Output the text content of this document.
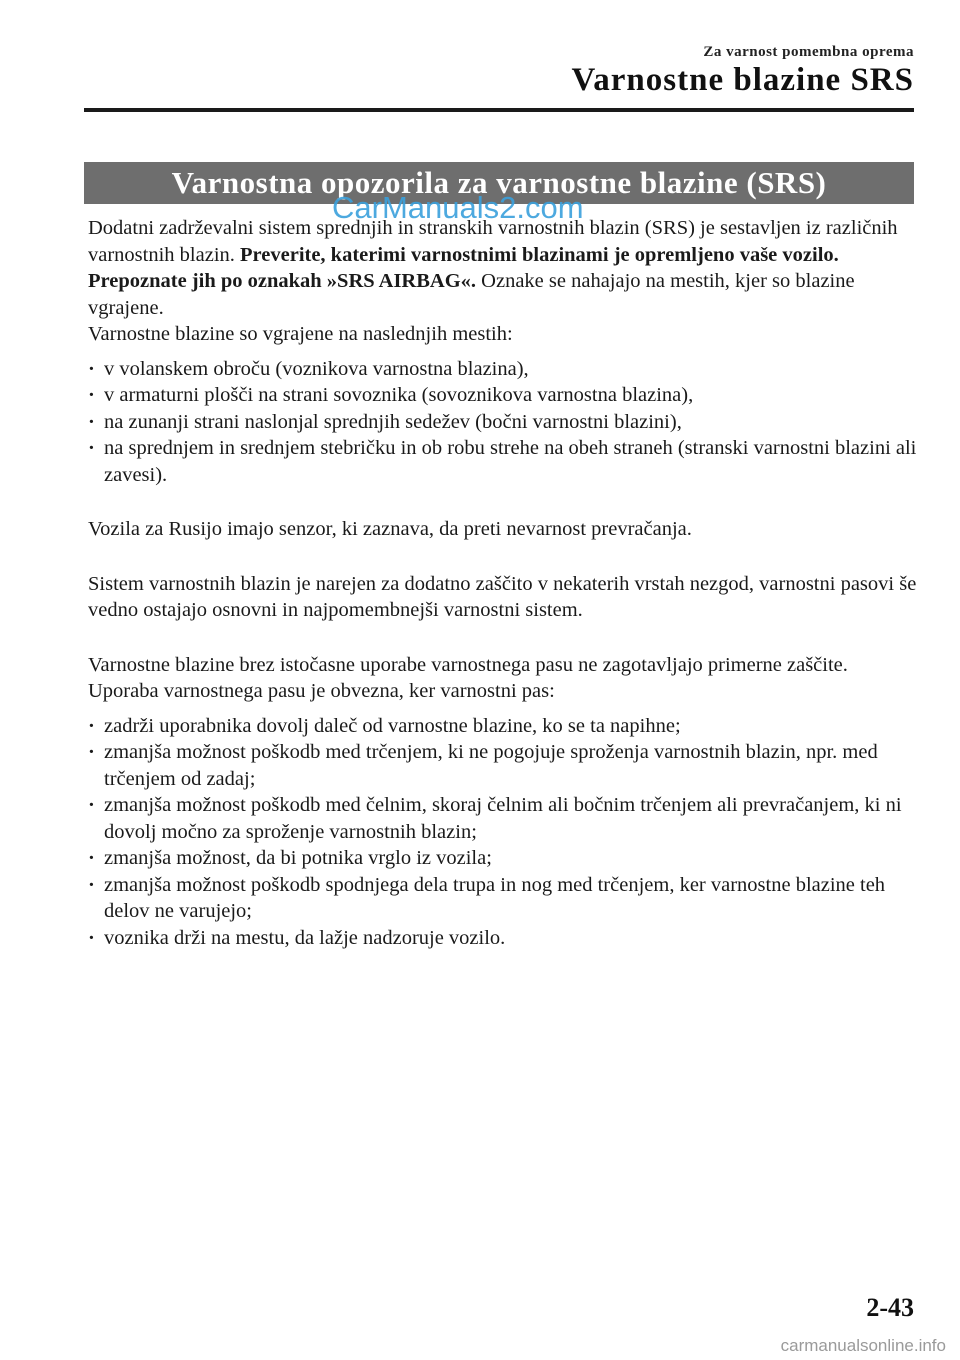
Za varnost pomembna oprema
Varnostne blazine SRS
Varnostna opozorila za varnostne blazine (SRS)
CarManuals2.com

Dodatni zadrževalni sistem sprednjih in stranskih varnostnih blazin (SRS) je sestavljen iz različnih varnostnih blazin. Preverite, katerimi varnostnimi blazinami je opremljeno vaše vozilo. Prepoznate jih po oznakah »SRS AIRBAG«. Oznake se nahajajo na mestih, kjer so blazine vgrajene.

Varnostne blazine so vgrajene na naslednjih mestih:

· v volanskem obroču (voznikova varnostna blazina),
· v armaturni plošči na strani sovoznika (sovoznikova varnostna blazina),
· na zunanji strani naslonjal sprednjih sedežev (bočni varnostni blazini),
· na sprednjem in srednjem stebričku in ob robu strehe na obeh straneh (stranski varnostni blazini ali zavesi).

Vozila za Rusijo imajo senzor, ki zaznava, da preti nevarnost prevračanja.

Sistem varnostnih blazin je narejen za dodatno zaščito v nekaterih vrstah nezgod, varnostni pasovi še vedno ostajajo osnovni in najpomembnejši varnostni sistem.

Varnostne blazine brez istočasne uporabe varnostnega pasu ne zagotavljajo primerne zaščite. Uporaba varnostnega pasu je obvezna, ker varnostni pas:

· zadrži uporabnika dovolj daleč od varnostne blazine, ko se ta napihne;
· zmanjša možnost poškodb med trčenjem, ki ne pogojuje sproženja varnostnih blazin, npr. med trčenjem od zadaj;
· zmanjša možnost poškodb med čelnim, skoraj čelnim ali bočnim trčenjem ali prevračanjem, ki ni dovolj močno za sproženje varnostnih blazin;
· zmanjša možnost, da bi potnika vrglo iz vozila;
· zmanjša možnost poškodb spodnjega dela trupa in nog med trčenjem, ker varnostne blazine teh delov ne varujejo;
· voznika drži na mestu, da lažje nadzoruje vozilo.
2-43
carmanualsonline.info
